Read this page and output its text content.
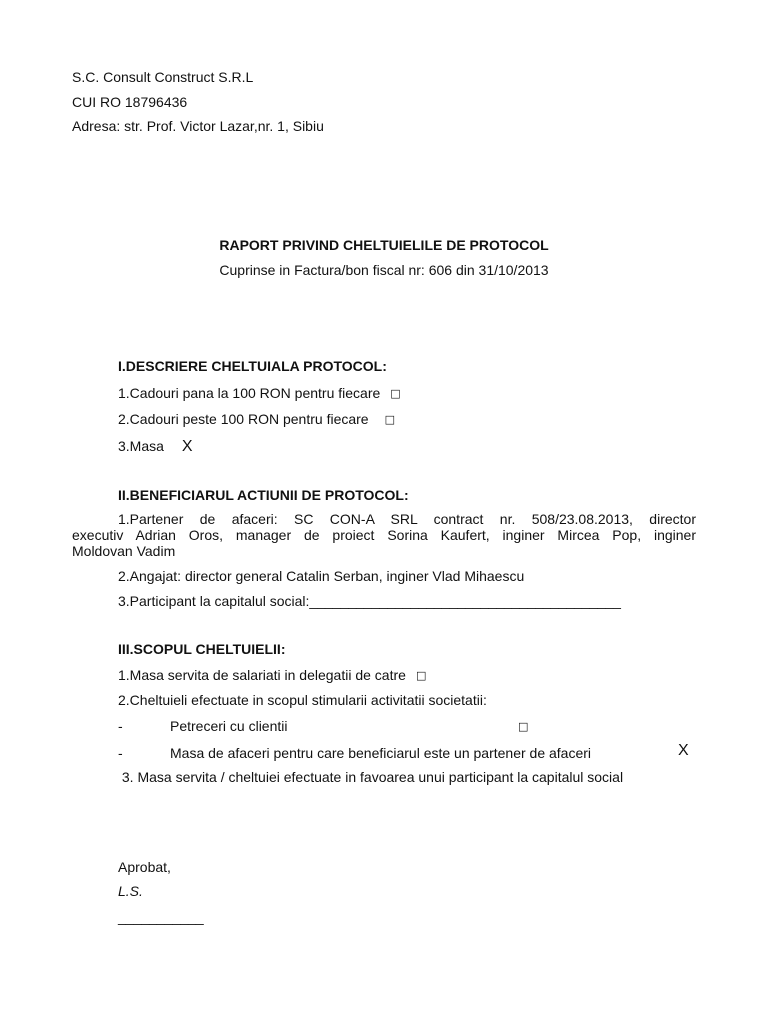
S.C. Consult Construct S.R.L
CUI RO 18796436
Adresa: str. Prof. Victor Lazar,nr. 1, Sibiu
RAPORT PRIVIND CHELTUIELILE DE PROTOCOL
Cuprinse in Factura/bon fiscal nr: 606 din 31/10/2013
I.DESCRIERE CHELTUIALA PROTOCOL:
1.Cadouri pana la 100 RON pentru fiecare □
2.Cadouri peste 100 RON pentru fiecare □
3.Masa X
II.BENEFICIARUL ACTIUNII DE PROTOCOL:
1.Partener de afaceri: SC CON-A SRL contract nr. 508/23.08.2013, director
executiv Adrian Oros, manager de proiect Sorina Kaufert, inginer Mircea Pop, inginer
Moldovan Vadim
2.Angajat: director general Catalin Serban, inginer Vlad Mihaescu
3.Participant la capitalul social:________________________________________
III.SCOPUL CHELTUIELII:
1.Masa servita de salariati in delegatii de catre □
2.Cheltuieli efectuate in scopul stimularii activitatii societatii:
-	Petreceri cu clientii	□
-	Masa de afaceri pentru care beneficiarul este un partener de afaceri	X
3. Masa servita / cheltuiei efectuate in favoarea unui participant la capitalul social
Aprobat,
L.S.
___________
